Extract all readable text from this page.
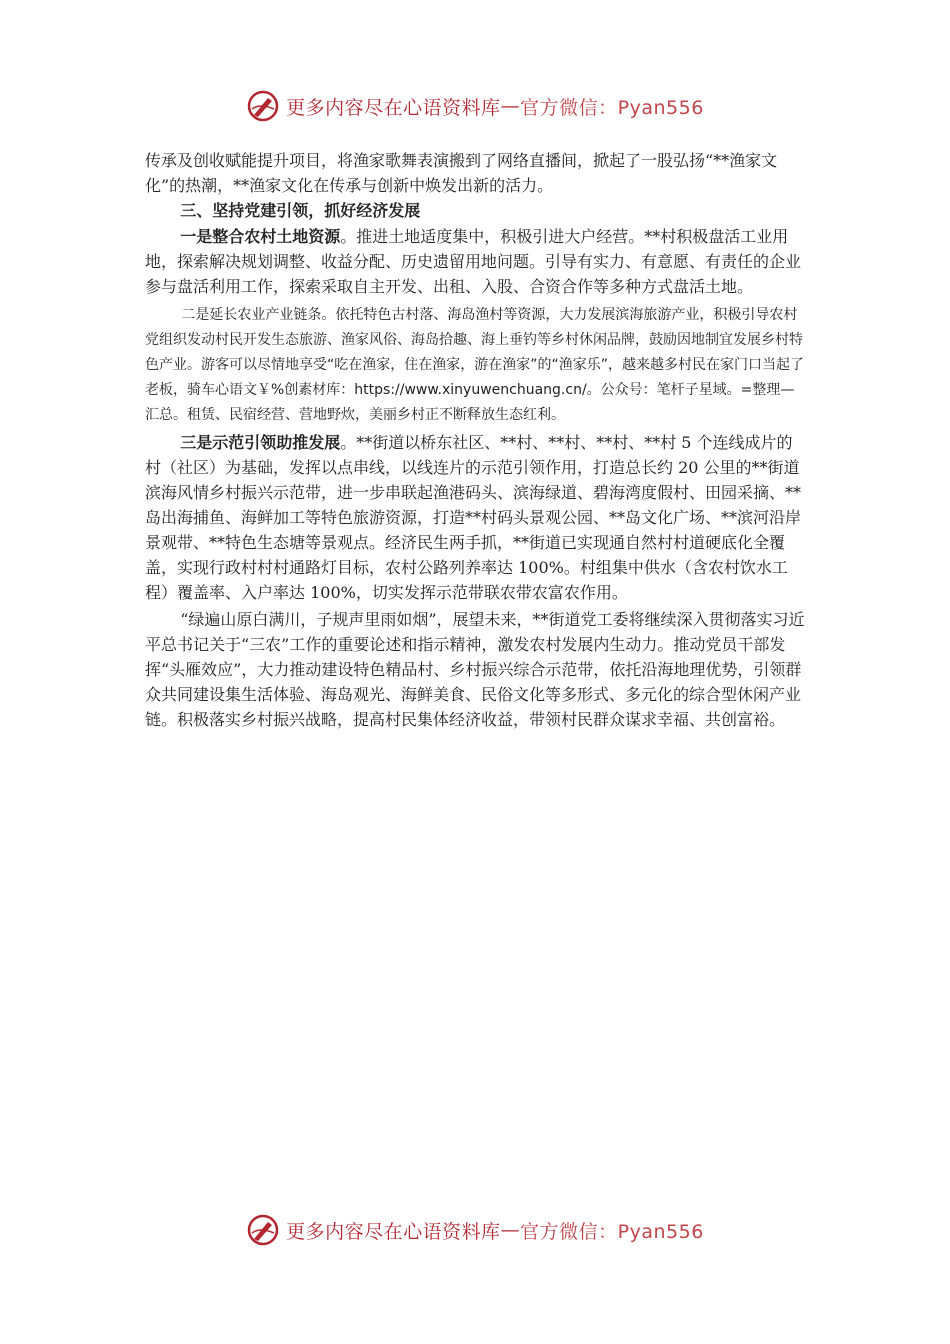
更多内容尽在心语资料库 — 官方微信：Pyan556

传承及创收赋能提升项目，将渔家歌舞表演搬到了网络直播间，掀起了一股弘扬“**渔家文化”的热潮，**渔家文化在传承与创新中焕发出新的活力。

三、坚持党建引领，抓好经济发展

一是整合农村土地资源。推进土地适度集中，积极引进大户经营。**村积极盘活工业用地，探索解决规划调整、收益分配、历史遗留用地问题。引导有实力、有意愿、有责任的企业参与盘活利用工作，探索采取自主开发、出租、入股、合资合作等多种方式盘活土地。

二是延长农业产业链条。依托特色古村落、海岛渔村等资源，大力发展滨海旅游产业，积极引导农村党组织发动村民开发生态旅游、渔家风俗、海岛拾趣、海上垂钓等乡村休闲品牌，鼓励因地制宜发展乡村特色产业。游客可以尽情地享受“吃在渔家，住在渔家，游在渔家”的“渔家乐”，越来越多村民在家门口当起了老板，骑车心语文￥%创素材库：https://www.xinyuwenchuang.cn/。公众号：笔杆子星域。=整理—汇总。租赁、民宿经营、营地野炊，美丽乡村正不断释放生态红利。

三是示范引领助推发展。**街道以桥东社区、**村、**村、**村、**村 5 个连线成片的村（社区）为基础，发挥以点串线，以线连片的示范引领作用，打造总长约 20 公里的**街道滨海风情乡村振兴示范带，进一步串联起渔港码头、滨海绿道、碧海湾度假村、田园采摘、**岛出海捕鱼、海鲜加工等特色旅游资源，打造**村码头景观公园、**岛文化广场、**滨河沿岸景观带、**特色生态塘等景观点。经济民生两手抓，**街道已实现通自然村村道硬底化全覆盖，实现行政村村村通路灯目标，农村公路列养率达 100%。村组集中供水（含农村饮水工程）覆盖率、入户率达 100%，切实发挥示范带联农带农富农作用。

“绿遍山原白满川，子规声里雨如烟”，展望未来，**街道党工委将继续深入贯彻落实习近平总书记关于“三农”工作的重要论述和指示精神，激发农村发展内生动力。推动党员干部发挥“头雁效应”，大力推动建设特色精品村、乡村振兴综合示范带，依托沿海地理优势，引领群众共同建设集生活体验、海岛观光、海鲜美食、民俗文化等多形式、多元化的综合型休闲产业链。积极落实乡村振兴战略，提高村民集体经济收益，带领村民群众谋求幸福、共创富裕。

更多内容尽在心语资料库 — 官方微信：Pyan556
